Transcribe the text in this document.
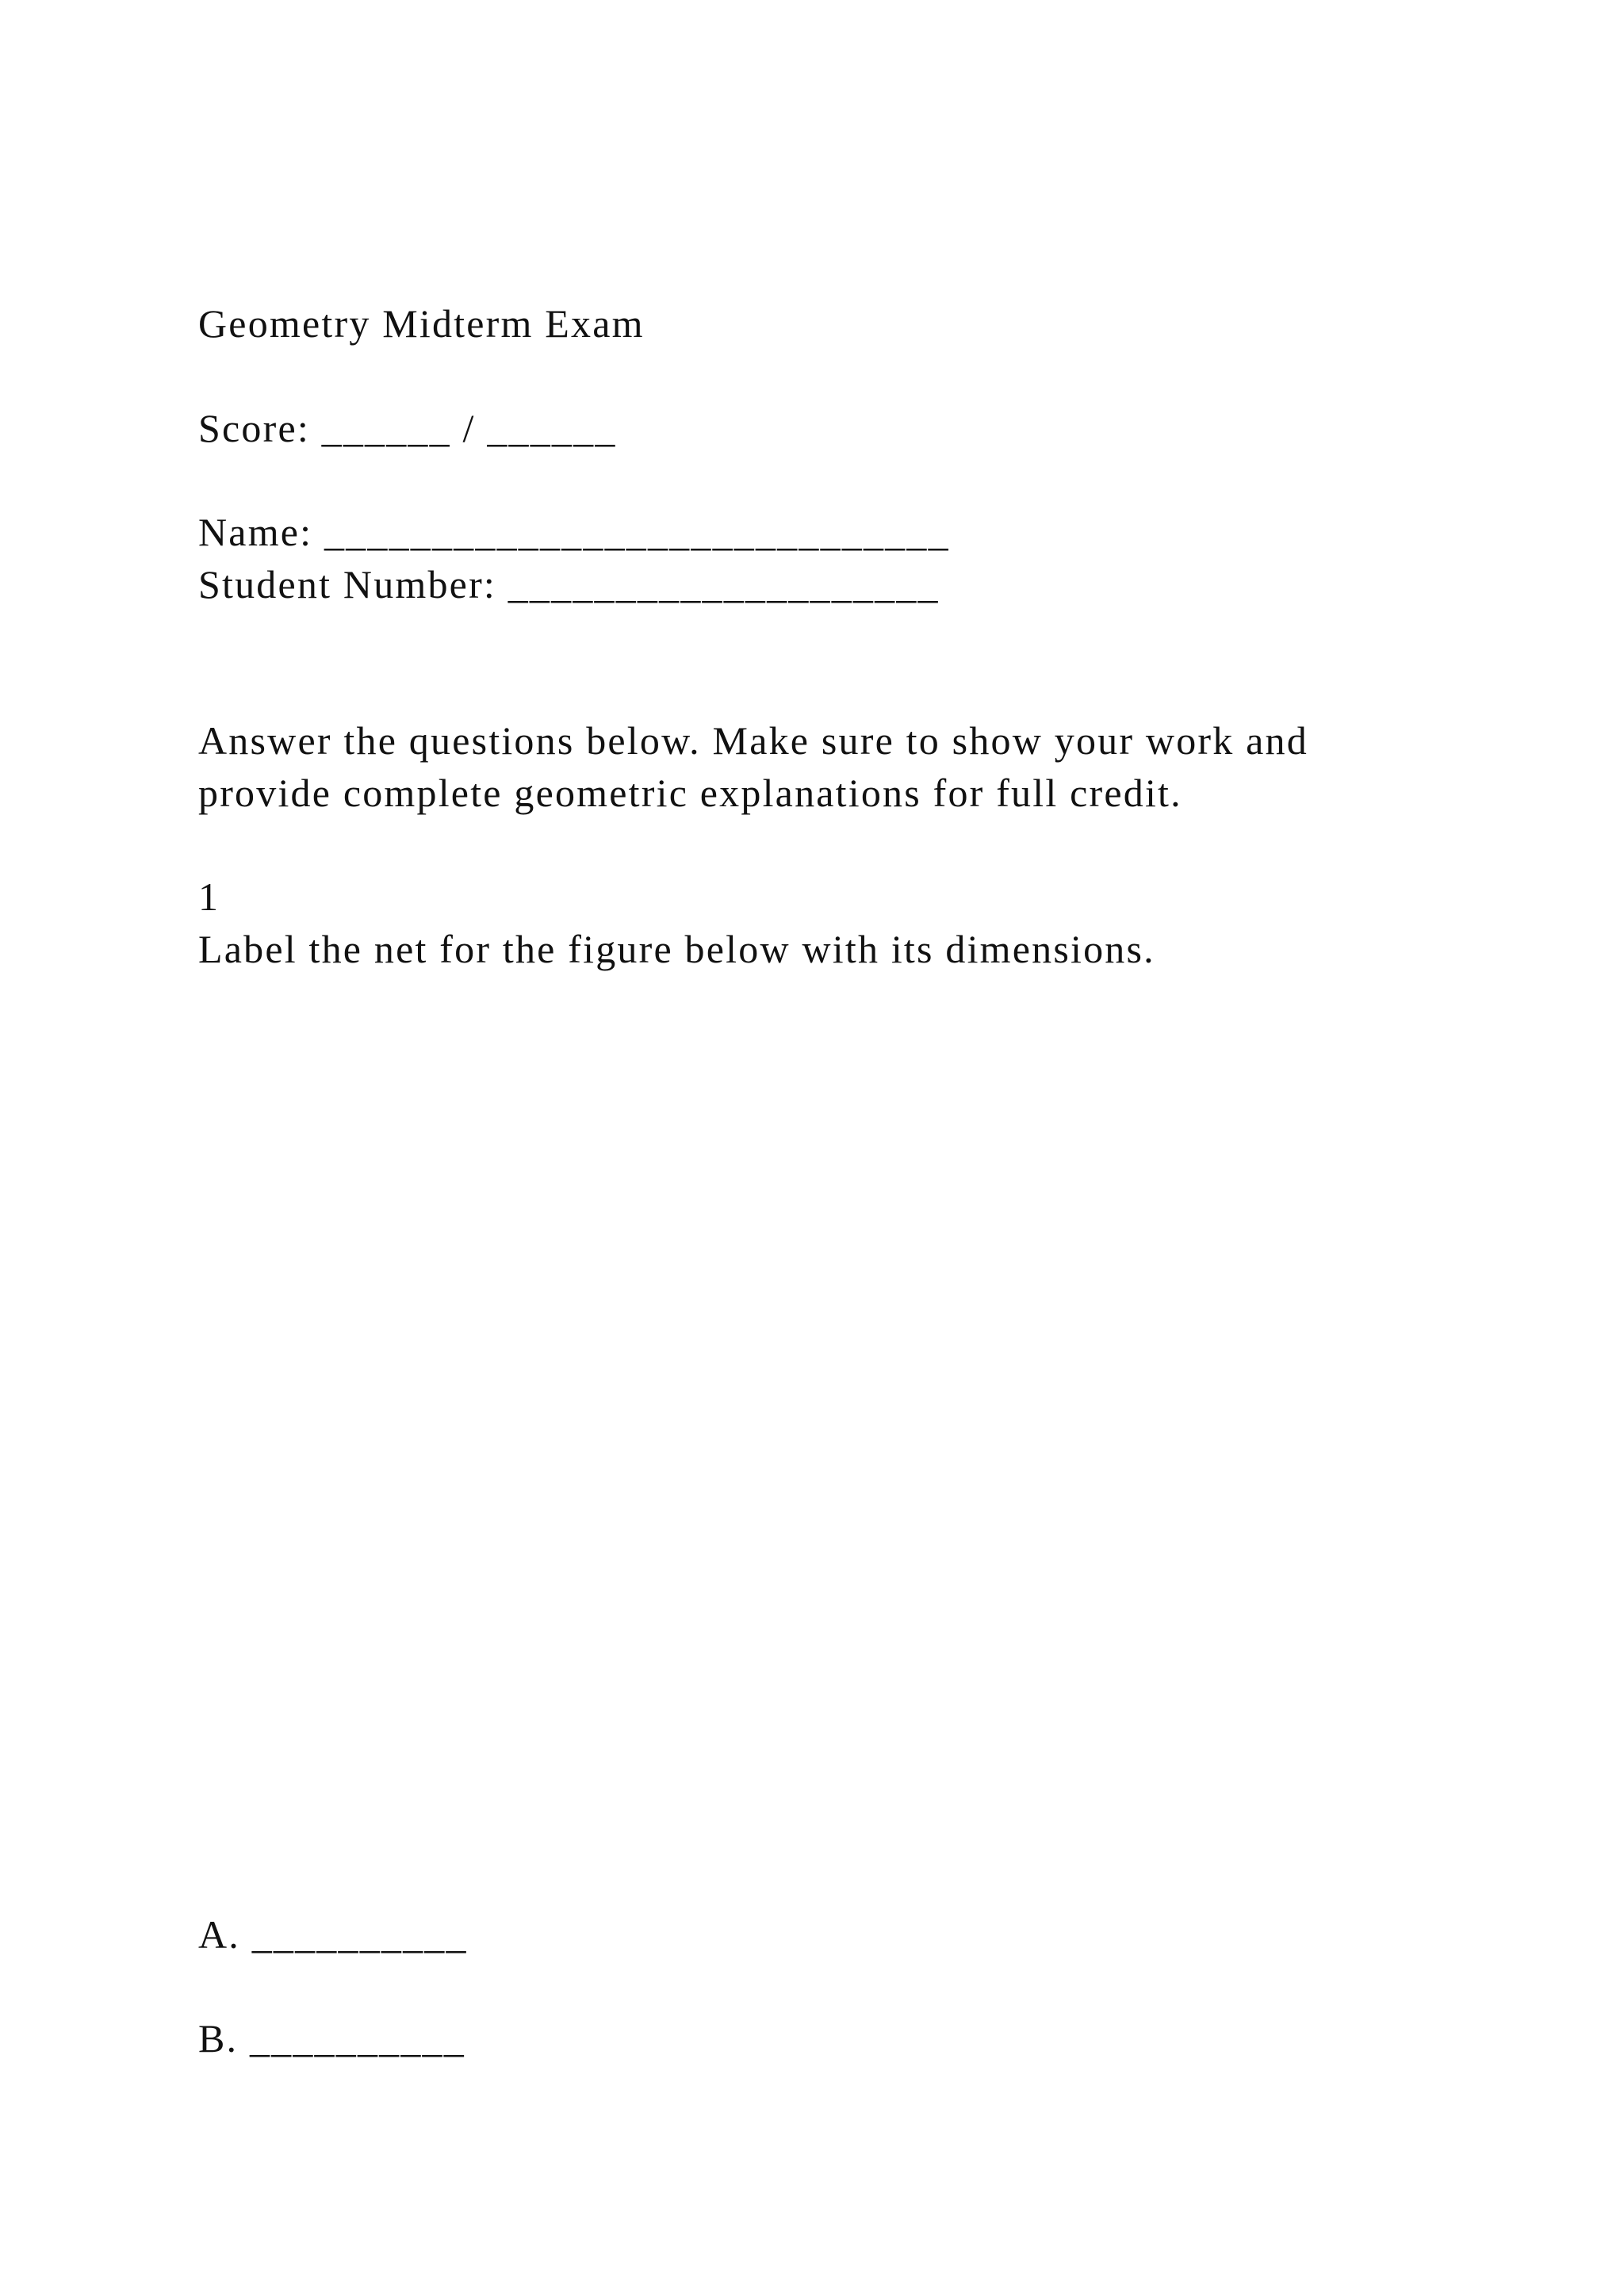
Geometry Midterm Exam

Score: ______ / ______

Name: _____________________________

Student Number: ____________________

Answer the questions below. Make sure to show your work and

provide complete geometric explanations for full credit.

1

Label the net for the figure below with its dimensions.

A. __________

B. __________
